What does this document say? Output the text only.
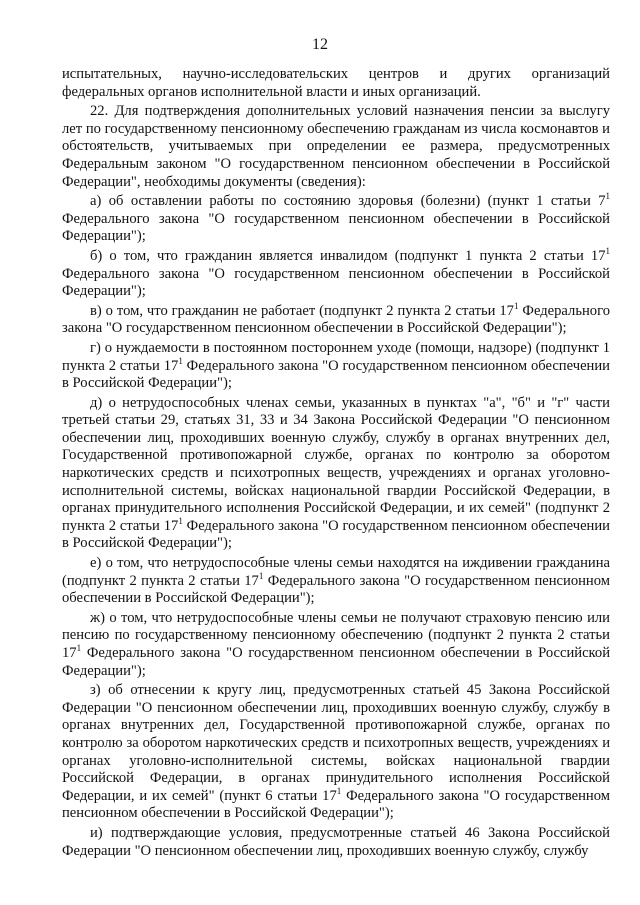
12

испытательных, научно-исследовательских центров и других организаций федеральных органов исполнительной власти и иных организаций.

22. Для подтверждения дополнительных условий назначения пенсии за выслугу лет по государственному пенсионному обеспечению гражданам из числа космонавтов и обстоятельств, учитываемых при определении ее размера, предусмотренных Федеральным законом "О государственном пенсионном обеспечении в Российской Федерации", необходимы документы (сведения):

а) об оставлении работы по состоянию здоровья (болезни) (пункт 1 статьи $7^1$ Федерального закона "О государственном пенсионном обеспечении в Российской Федерации");

б) о том, что гражданин является инвалидом (подпункт 1 пункта 2 статьи $17^1$ Федерального закона "О государственном пенсионном обеспечении в Российской Федерации");

в) о том, что гражданин не работает (подпункт 2 пункта 2 статьи $17^1$ Федерального закона "О государственном пенсионном обеспечении в Российской Федерации");

г) о нуждаемости в постоянном постороннем уходе (помощи, надзоре) (подпункт 1 пункта 2 статьи $17^1$ Федерального закона "О государственном пенсионном обеспечении в Российской Федерации");

д) о нетрудоспособных членах семьи, указанных в пунктах "а", "б" и "г" части третьей статьи 29, статьях 31, 33 и 34 Закона Российской Федерации "О пенсионном обеспечении лиц, проходивших военную службу, службу в органах внутренних дел, Государственной противопожарной службе, органах по контролю за оборотом наркотических средств и психотропных веществ, учреждениях и органах уголовно-исполнительной системы, войсках национальной гвардии Российской Федерации, в органах принудительного исполнения Российской Федерации, и их семей" (подпункт 2 пункта 2 статьи $17^1$ Федерального закона "О государственном пенсионном обеспечении в Российской Федерации");

е) о том, что нетрудоспособные члены семьи находятся на иждивении гражданина (подпункт 2 пункта 2 статьи $17^1$ Федерального закона "О государственном пенсионном обеспечении в Российской Федерации");

ж) о том, что нетрудоспособные члены семьи не получают страховую пенсию или пенсию по государственному пенсионному обеспечению (подпункт 2 пункта 2 статьи $17^1$ Федерального закона "О государственном пенсионном обеспечении в Российской Федерации");

з) об отнесении к кругу лиц, предусмотренных статьей 45 Закона Российской Федерации "О пенсионном обеспечении лиц, проходивших военную службу, службу в органах внутренних дел, Государственной противопожарной службе, органах по контролю за оборотом наркотических средств и психотропных веществ, учреждениях и органах уголовно-исполнительной системы, войсках национальной гвардии Российской Федерации, в органах принудительного исполнения Российской Федерации, и их семей" (пункт 6 статьи $17^1$ Федерального закона "О государственном пенсионном обеспечении в Российской Федерации");

и) подтверждающие условия, предусмотренные статьей 46 Закона Российской Федерации "О пенсионном обеспечении лиц, проходивших военную службу, службу
